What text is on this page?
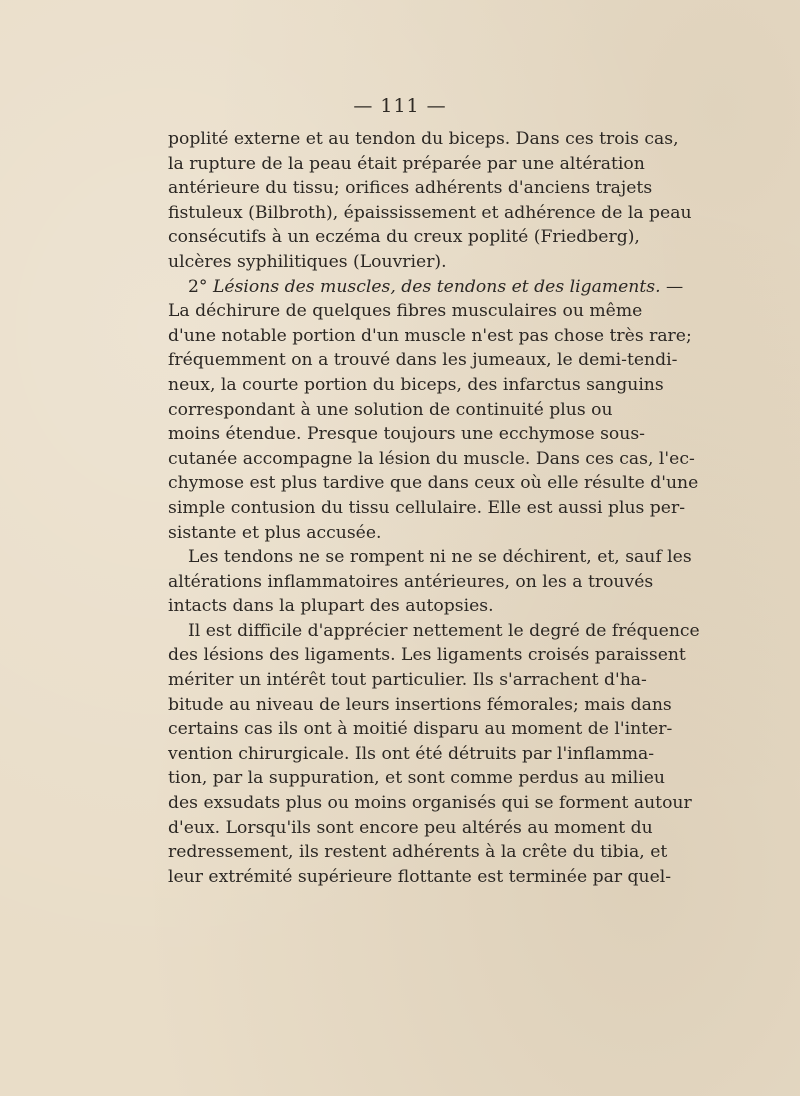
— 111 —
poplité externe et au tendon du biceps. Dans ces trois cas,
la rupture de la peau était préparée par une altération
antérieure du tissu; orifices adhérents d'anciens trajets
fistuleux (Bilbroth), épaississement et adhérence de la peau
consécutifs à un eczéma du creux poplité (Friedberg),
ulcères syphilitiques (Louvrier).
2° Lésions des muscles, des tendons et des ligaments. —
La déchirure de quelques fibres musculaires ou même
d'une notable portion d'un muscle n'est pas chose très rare;
fréquemment on a trouvé dans les jumeaux, le demi-tendi-
neux, la courte portion du biceps, des infarctus sanguins
correspondant à une solution de continuité plus ou
moins étendue. Presque toujours une ecchymose sous-
cutanée accompagne la lésion du muscle. Dans ces cas, l'ec-
chymose est plus tardive que dans ceux où elle résulte d'une
simple contusion du tissu cellulaire. Elle est aussi plus per-
sistante et plus accusée.
Les tendons ne se rompent ni ne se déchirent, et, sauf les
altérations inflammatoires antérieures, on les a trouvés
intacts dans la plupart des autopsies.
Il est difficile d'apprécier nettement le degré de fréquence
des lésions des ligaments. Les ligaments croisés paraissent
mériter un intérêt tout particulier. Ils s'arrachent d'ha-
bitude au niveau de leurs insertions fémorales; mais dans
certains cas ils ont à moitié disparu au moment de l'inter-
vention chirurgicale. Ils ont été détruits par l'inflamma-
tion, par la suppuration, et sont comme perdus au milieu
des exsudats plus ou moins organisés qui se forment autour
d'eux. Lorsqu'ils sont encore peu altérés au moment du
redressement, ils restent adhérents à la crête du tibia, et
leur extrémité supérieure flottante est terminée par quel-
